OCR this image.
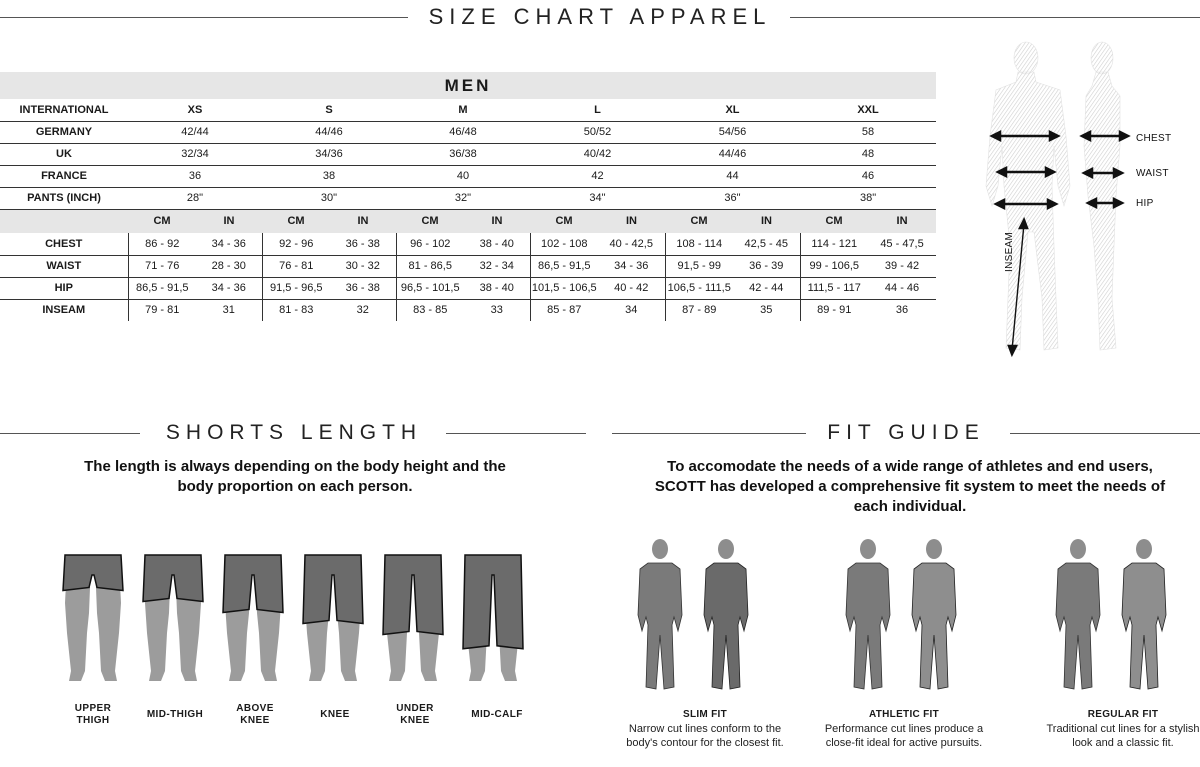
SIZE CHART APPAREL
MEN												
INTERNATIONAL	XS		S		M		L		XL		XXL	
GERMANY	42/44		44/46		46/48		50/52		54/56		58	
UK	32/34		34/36		36/38		40/42		44/46		48	
FRANCE	36		38		40		42		44		46	
PANTS (INCH)	28"		30"		32"		34"		36"		38"	
	CM	IN	CM	IN	CM	IN	CM	IN	CM	IN	CM	IN
CHEST	86 - 92	34 - 36	92 - 96	36 - 38	96 - 102	38 - 40	102 - 108	40 - 42,5	108 - 114	42,5 - 45	114 - 121	45 - 47,5
WAIST	71 - 76	28 - 30	76 - 81	30 - 32	81 - 86,5	32 - 34	86,5 - 91,5	34 - 36	91,5 - 99	36 - 39	99 - 106,5	39 - 42
HIP	86,5 - 91,5	34 - 36	91,5 - 96,5	36 - 38	96,5 - 101,5	38 - 40	101,5 - 106,5	40 - 42	106,5 - 111,5	42 - 44	111,5 - 117	44 - 46
INSEAM	79 - 81	31	81 - 83	32	83 - 85	33	85 - 87	34	87 - 89	35	89 - 91	36
CHEST
WAIST
HIP
INSEAM
SHORTS LENGTH
The length is always depending on the body height and the body proportion on each person.
UPPER
THIGH
MID-THIGH
ABOVE
KNEE
KNEE
UNDER
KNEE
MID-CALF
FIT GUIDE
To accomodate the needs of a wide range of athletes and end users, SCOTT has developed a comprehensive fit system to meet the needs of each individual.
SLIM FIT
Narrow cut lines conform to the body's contour for the closest fit.
ATHLETIC FIT
Performance cut lines produce a close-fit ideal for active pursuits.
REGULAR FIT
Traditional cut lines for a stylish look and a classic fit.
